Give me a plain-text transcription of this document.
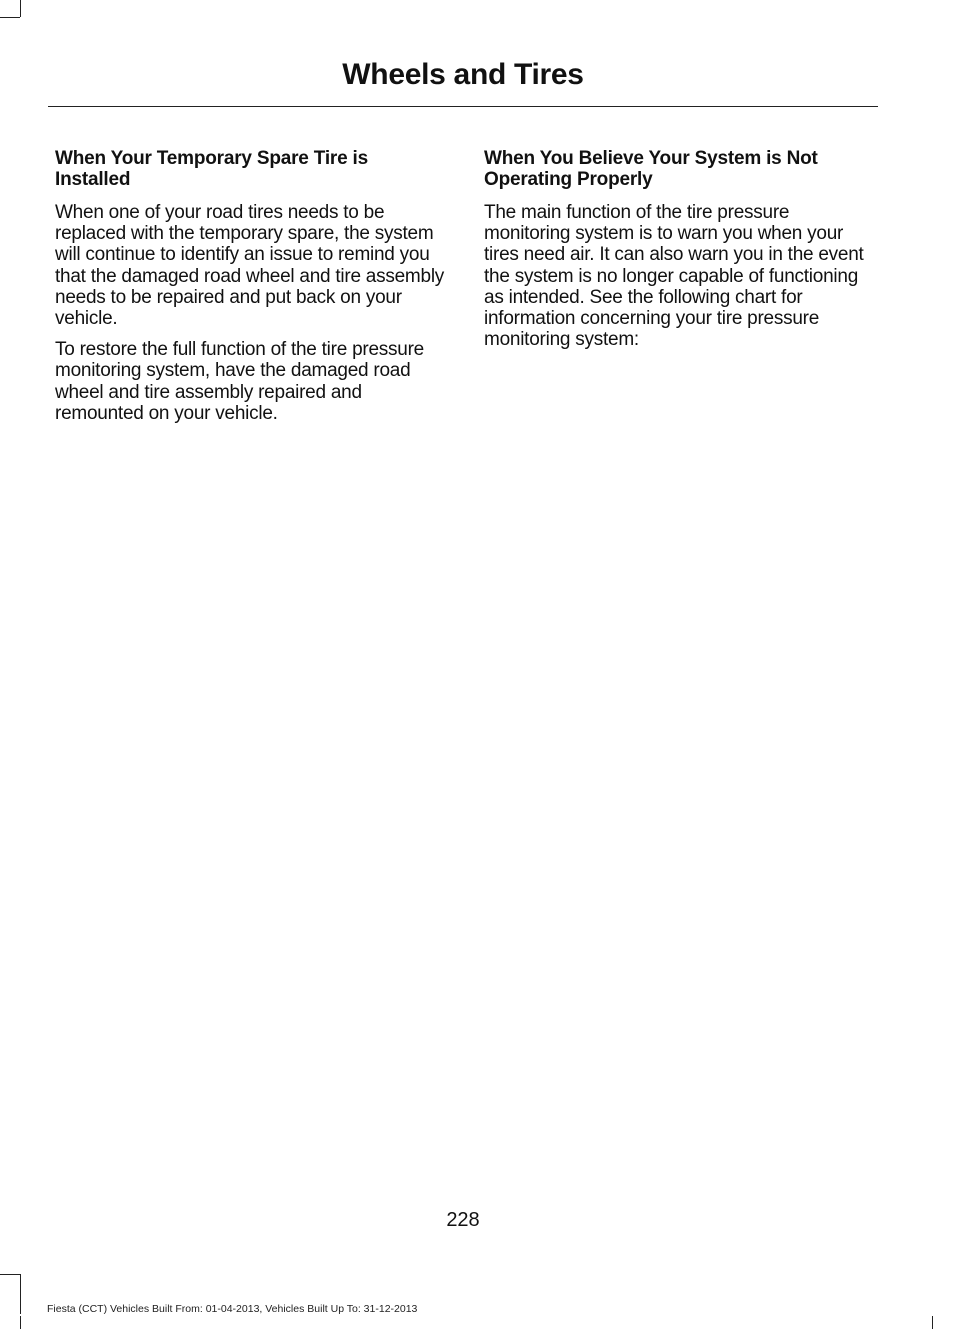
Wheels and Tires
When Your Temporary Spare Tire is Installed

When one of your road tires needs to be replaced with the temporary spare, the system will continue to identify an issue to remind you that the damaged road wheel and tire assembly needs to be repaired and put back on your vehicle.

To restore the full function of the tire pressure monitoring system, have the damaged road wheel and tire assembly repaired and remounted on your vehicle.

When You Believe Your System is Not Operating Properly

The main function of the tire pressure monitoring system is to warn you when your tires need air. It can also warn you in the event the system is no longer capable of functioning as intended. See the following chart for information concerning your tire pressure monitoring system:

228
Fiesta (CCT) Vehicles Built From: 01-04-2013, Vehicles Built Up To: 31-12-2013
